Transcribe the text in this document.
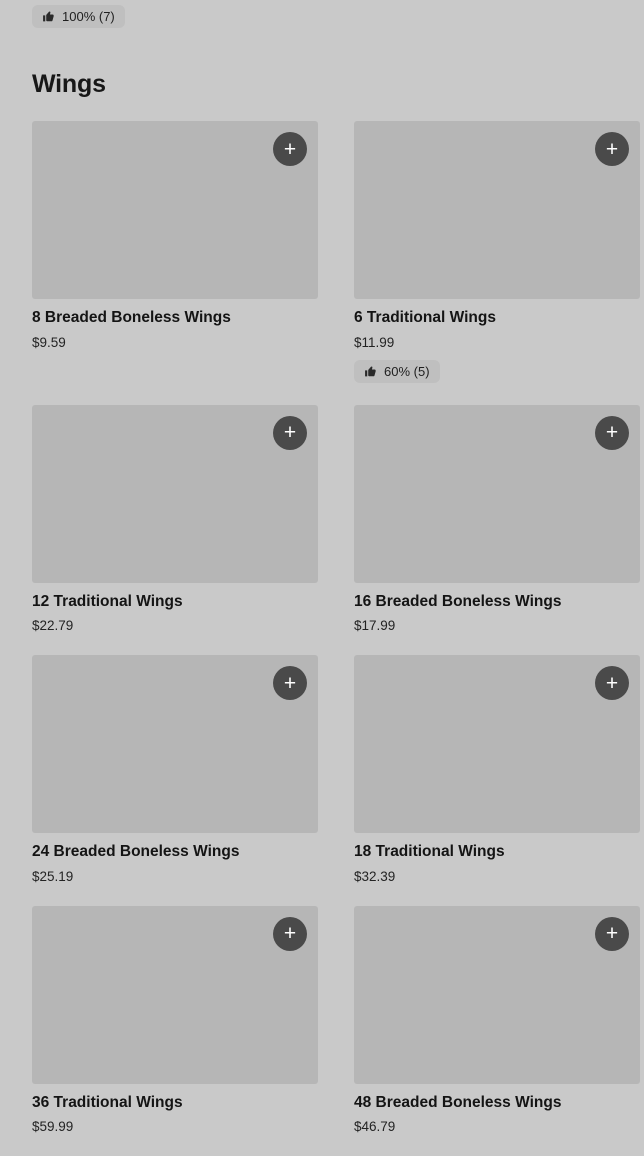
100% (7)
Wings
+
8 Breaded Boneless Wings
$9.59
+
6 Traditional Wings
$11.99
60% (5)
+
12 Traditional Wings
$22.79
+
16 Breaded Boneless Wings
$17.99
+
24 Breaded Boneless Wings
$25.19
+
18 Traditional Wings
$32.39
+
36 Traditional Wings
$59.99
+
48 Breaded Boneless Wings
$46.79
